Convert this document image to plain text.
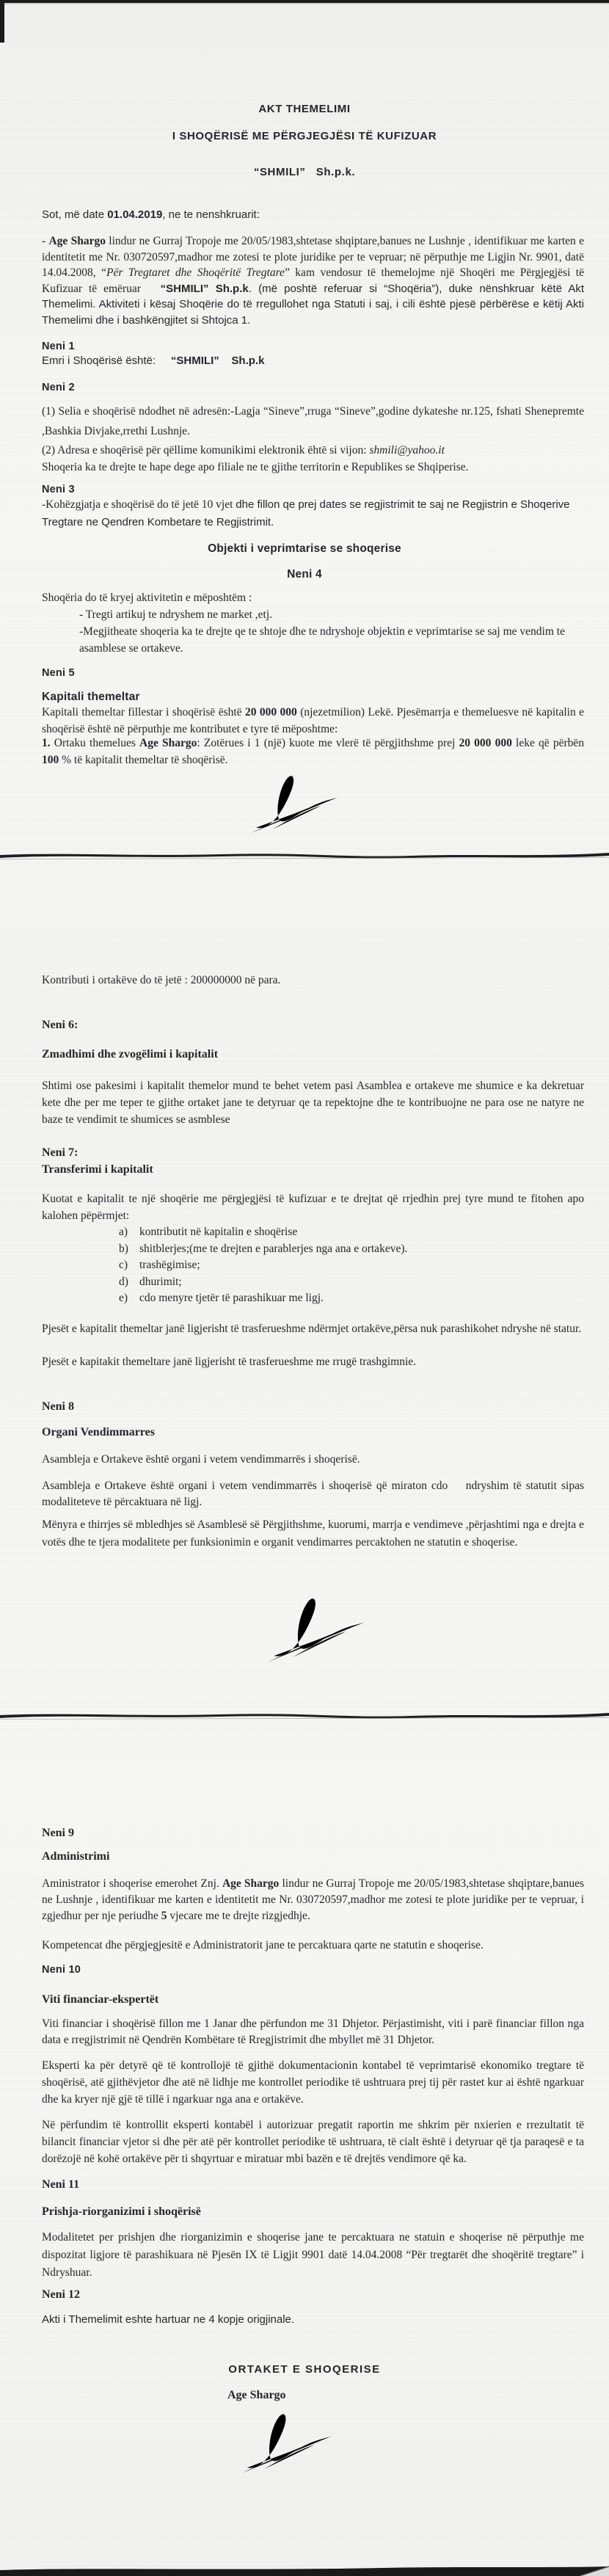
AKT THEMELIMI
I SHOQËRISË ME PËRGJEGJËSI TË KUFIZUAR
“SHMILI”   Sh.p.k.
Sot, më date 01.04.2019, ne te nenshkruarit:
- Age Shargo lindur ne Gurraj Tropoje me 20/05/1983,shtetase shqiptare,banues ne Lushnje , identifikuar me karten e identitetit me Nr. 030720597,madhor me zotesi te plote juridike per te vepruar; në përputhje me Ligjin Nr. 9901, datë 14.04.2008, “Për Tregtaret dhe Shoqëritë Tregtare” kam vendosur të themelojme një Shoqëri me Përgjegjësi të Kufizuar të emëruar   “SHMILI” Sh.p.k. (më poshtë referuar si “Shoqëria”), duke nënshkruar këtë Akt Themelimi. Aktiviteti i kësaj Shoqërie do të rregullohet nga Statuti i saj, i cili është pjesë përbërëse e këtij Akti Themelimi dhe i bashkëngjitet si Shtojca 1.
Neni 1
Emri i Shoqërisë është:     “SHMILI”    Sh.p.k
Neni 2
(1) Selia e shoqërisë ndodhet në adresën:-Lagja “Sineve”,rruga “Sineve”,godine dykateshe nr.125, fshati Shenepremte ,Bashkia Divjake,rrethi Lushnje.
(2) Adresa e shoqërisë për qëllime komunikimi elektronik ëhtë si vijon: shmili@yahoo.it
Shoqeria ka te drejte te hape dege apo filiale ne te gjithe territorin e Republikes se Shqiperise.
Neni 3
-Kohëzgjatja e shoqërisë do të jetë 10 vjet dhe fillon qe prej dates se regjistrimit te saj ne Regjistrin e Shoqerive Tregtare ne Qendren Kombetare te Regjistrimit.
Objekti i veprimtarise se shoqerise
Neni 4
Shoqëria do të kryej aktivitetin e mëposhtëm :
- Tregti artikuj te ndryshem ne market ,etj.
-Megjitheate shoqeria ka te drejte qe te shtoje dhe te ndryshoje objektin e veprimtarise se saj me vendim te asamblese se ortakeve.
Neni 5
Kapitali themeltar
Kapitali themeltar fillestar i shoqërisë është 20 000 000 (njezetmilion) Lekë. Pjesëmarrja e themeluesve në kapitalin e shoqërisë është në përputhje me kontributet e tyre të mëposhtme:
1. Ortaku themelues Age Shargo: Zotërues i 1 (një) kuote me vlerë të përgjithshme prej 20 000 000 leke që përbën 100 % të kapitalit themeltar të shoqërisë.
Kontributi i ortakëve do të jetë : 200000000 në para.
Neni 6:
Zmadhimi dhe zvogëlimi i kapitalit
Shtimi ose pakesimi i kapitalit themelor mund te behet vetem pasi Asamblea e ortakeve me shumice e ka dekretuar kete dhe per me teper te gjithe ortaket jane te detyruar qe ta repektojne dhe te kontribuojne ne para ose ne natyre ne baze te vendimit te shumices se asmblese
Neni 7:
Transferimi i kapitalit
Kuotat e kapitalit te një shoqërie me përgjegjësi të kufizuar e te drejtat që rrjedhin prej tyre mund te fitohen apo kalohen pëpërmjet:
a) kontributit në kapitalin e shoqërise
b) shitblerjes;(me te drejten e parablerjes nga ana e ortakeve).
c) trashëgimise;
d) dhurimit;
e) cdo menyre tjetër të parashikuar me ligj.
Pjesët e kapitalit themeltar janë ligjerisht të trasferueshme ndërmjet ortakëve,përsa nuk parashikohet ndryshe në statur.
Pjesët e kapitakit themeltare janë ligjerisht të trasferueshme me rrugë trashgimnie.
Neni 8
Organi Vendimmarres
Asambleja e Ortakeve është organi i vetem vendimmarrës i shoqerisë.
Asambleja e Ortakeve është organi i vetem vendimmarrës i shoqerisë që miraton cdo    ndryshim të statutit sipas modaliteteve të përcaktuara në ligj.
Mënyra e thirrjes së mbledhjes së Asamblesë së Përgjithshme, kuorumi, marrja e vendimeve ,përjashtimi nga e drejta e votës dhe te tjera modalitete per funksionimin e organit vendimarres percaktohen ne statutin e shoqerise.
Neni 9
Administrimi
Aministrator i shoqerise emerohet Znj. Age Shargo lindur ne Gurraj Tropoje me 20/05/1983,shtetase shqiptare,banues ne Lushnje , identifikuar me karten e identitetit me Nr. 030720597,madhor me zotesi te plote juridike per te vepruar, i zgjedhur per nje periudhe 5 vjecare me te drejte rizgjedhje.
Kompetencat dhe përgjegjesitë e Administratorit jane te percaktuara qarte ne statutin e shoqerise.
Neni 10
Viti financiar-ekspertët
Viti financiar i shoqërisë fillon me 1 Janar dhe përfundon me 31 Dhjetor. Përjastimisht, viti i parë financiar fillon nga data e rregjistrimit në Qendrën Kombëtare të Rregjistrimit dhe mbyllet më 31 Dhjetor.
Eksperti ka për detyrë që të kontrollojë të gjithë dokumentacionin kontabel të veprimtarisë ekonomiko tregtare të shoqërisë, atë gjithëvjetor dhe atë në lidhje me kontrollet periodike të ushtruara prej tij për rastet kur ai është ngarkuar dhe ka kryer një gjë të tillë i ngarkuar nga ana e ortakëve.
Në përfundim të kontrollit eksperti kontabël i autorizuar pregatit raportin me shkrim për nxierien e rrezultatit të bilancit financiar vjetor si dhe për atë për kontrollet periodike të ushtruara, të cialt është i detyruar që tja paraqesë e ta dorëzojë në kohë ortakëve për ti shqyrtuar e miratuar mbi bazën e të drejtës vendimore që ka.
Neni 11
Prishja-riorganizimi i shoqërisë
Modalitetet per prishjen dhe riorganizimin e shoqerise jane te percaktuara ne statuin e shoqerise në përputhje me dispozitat ligjore të parashikuara në Pjesën IX të Ligjit 9901 datë 14.04.2008 “Për tregtarët dhe shoqëritë tregtare” i Ndryshuar.
Neni 12
Akti i Themelimit eshte hartuar ne 4 kopje origjinale.
ORTAKET E SHOQERISE
Age Shargo
